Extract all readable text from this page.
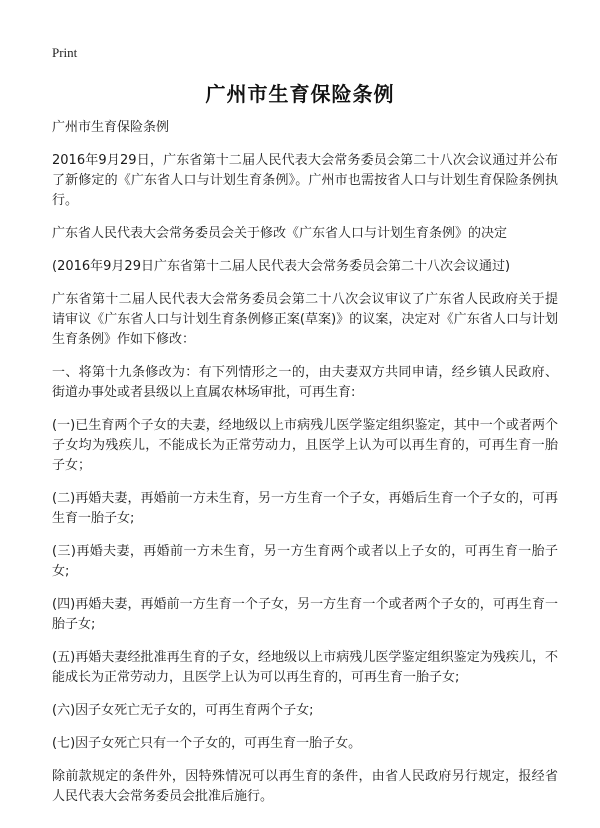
Print
广州市生育保险条例

广州市生育保险条例

2016年9月29日，广东省第十二届人民代表大会常务委员会第二十八次会议通过并公布了新修定的《广东省人口与计划生育条例》。广州市也需按省人口与计划生育保险条例执行。

广东省人民代表大会常务委员会关于修改《广东省人口与计划生育条例》的决定

(2016年9月29日广东省第十二届人民代表大会常务委员会第二十八次会议通过)

广东省第十二届人民代表大会常务委员会第二十八次会议审议了广东省人民政府关于提请审议《广东省人口与计划生育条例修正案(草案)》的议案，决定对《广东省人口与计划生育条例》作如下修改：

一、将第十九条修改为：有下列情形之一的，由夫妻双方共同申请，经乡镇人民政府、街道办事处或者县级以上直属农林场审批，可再生育:

(一)已生育两个子女的夫妻，经地级以上市病残儿医学鉴定组织鉴定，其中一个或者两个子女均为残疾儿，不能成长为正常劳动力，且医学上认为可以再生育的，可再生育一胎子女；

(二)再婚夫妻，再婚前一方未生育，另一方生育一个子女，再婚后生育一个子女的，可再生育一胎子女;

(三)再婚夫妻，再婚前一方未生育，另一方生育两个或者以上子女的，可再生育一胎子女;

(四)再婚夫妻，再婚前一方生育一个子女，另一方生育一个或者两个子女的，可再生育一胎子女;

(五)再婚夫妻经批准再生育的子女，经地级以上市病残儿医学鉴定组织鉴定为残疾儿，不能成长为正常劳动力，且医学上认为可以再生育的，可再生育一胎子女;

(六)因子女死亡无子女的，可再生育两个子女;

(七)因子女死亡只有一个子女的，可再生育一胎子女。

除前款规定的条件外，因特殊情况可以再生育的条件，由省人民政府另行规定，报经省人民代表大会常务委员会批准后施行。
